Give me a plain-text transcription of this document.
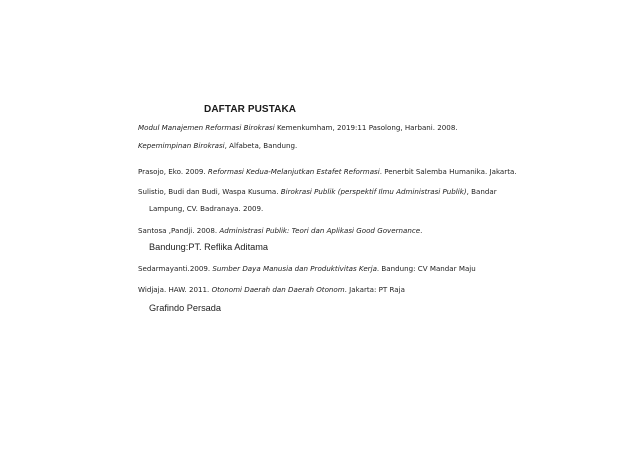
DAFTAR PUSTAKA
Modul Manajemen Reformasi Birokrasi Kemenkumham, 2019:11 Pasolong, Harbani. 2008.
Kepemimpinan Birokrasi, Alfabeta, Bandung.
Prasojo, Eko. 2009. Reformasi Kedua-Melanjutkan Estafet Reformasi. Penerbit Salemba Humanika. Jakarta.
Sulistio, Budi dan Budi, Waspa Kusuma. Birokrasi Publik (perspektif Ilmu Administrasi Publik), Bandar
Lampung, CV. Badranaya. 2009.
Santosa ,Pandji. 2008. Administrasi Publik: Teori dan Aplikasi Good Governance.
Bandung:PT. Reflika Aditama
Sedarmayanti.2009. Sumber Daya Manusia dan Produktivitas Kerja. Bandung: CV Mandar Maju
Widjaja. HAW. 2011. Otonomi Daerah dan Daerah Otonom. Jakarta: PT Raja
Grafindo Persada
